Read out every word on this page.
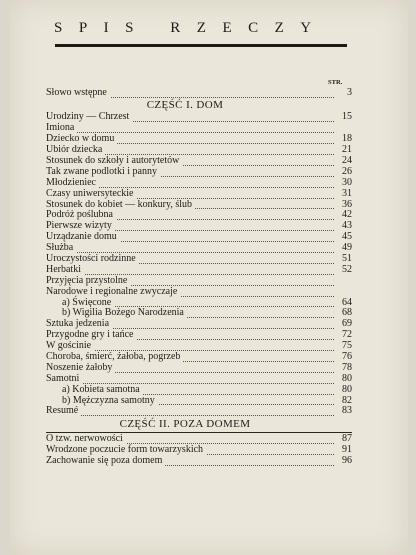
SPIS RZECZY
STR.
Słowo wstępne	3
CZĘŚĆ I. DOM
Urodziny — Chrzest	15
Imiona
Dziecko w domu	18
Ubiór dziecka	21
Stosunek do szkoły i autorytetów	24
Tak zwane podlotki i panny	26
Młodzieniec	30
Czasy uniwersyteckie	31
Stosunek do kobiet — konkury, ślub	36
Podróż poślubna	42
Pierwsze wizyty	43
Urządzanie domu	45
Służba	49
Uroczystości rodzinne	51
Herbatki	52
Przyjęcia przystolne
Narodowe i regionalne zwyczaje
a) Święcone	64
b) Wigilia Bożego Narodzenia	68
Sztuka jedzenia	69
Przygodne gry i tańce	72
W gościnie	75
Choroba, śmierć, żałoba, pogrzeb	76
Noszenie żałoby	78
Samotni	80
a) Kobieta samotna	80
b) Mężczyzna samotny	82
Resumé	83
CZĘŚĆ II. POZA DOMEM
O tzw. nerwowości	87
Wrodzone poczucie form towarzyskich	91
Zachowanie się poza domem	96
